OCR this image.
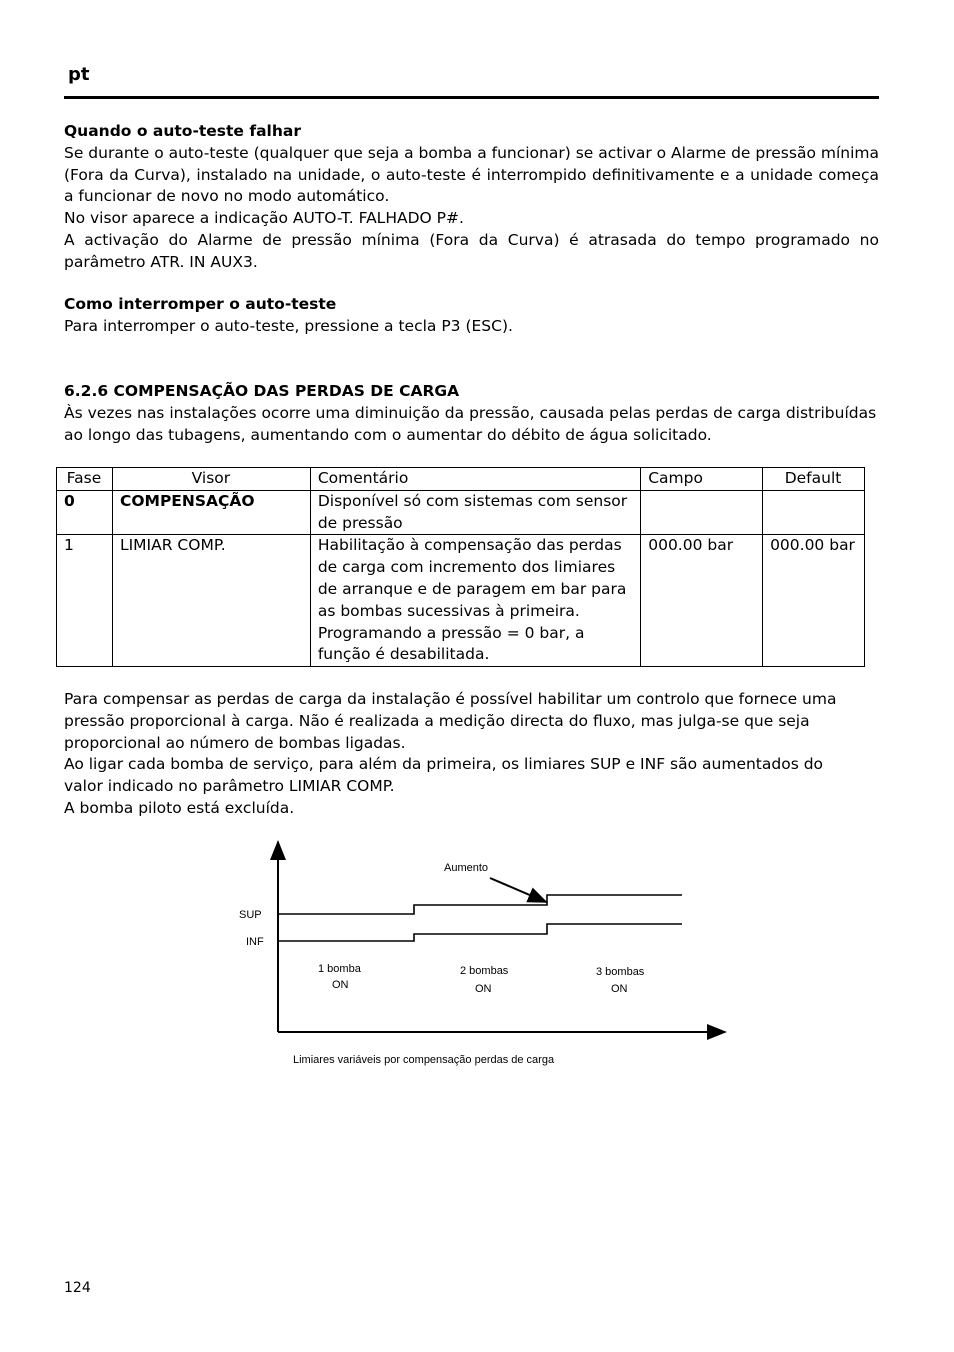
pt

Quando o auto-teste falhar

Se durante o auto-teste (qualquer que seja a bomba a funcionar) se activar o Alarme de pressão mínima (Fora da Curva), instalado na unidade, o auto-teste é interrompido definitivamente e a unidade começa a funcionar de novo no modo automático.

No visor aparece a indicação AUTO-T. FALHADO P#.

A activação do Alarme de pressão mínima (Fora da Curva) é atrasada do tempo programado no parâmetro ATR. IN AUX3.

Como interromper o auto-teste

Para interromper o auto-teste, pressione a tecla P3 (ESC).

6.2.6 COMPENSAÇÃO DAS PERDAS DE CARGA

Às vezes nas instalações ocorre uma diminuição da pressão, causada pelas perdas de carga distribuídas ao longo das tubagens, aumentando com o aumentar do débito de água solicitado.

Fase	Visor	Comentário	Campo	Default
0	COMPENSAÇÃO	Disponível só com sistemas com sensor de pressão		
1	LIMIAR COMP.	Habilitação à compensação das perdas de carga com incremento dos limiares de arranque e de paragem em bar para as bombas sucessivas à primeira. Programando a pressão = 0 bar, a função é desabilitada.	000.00 bar	000.00 bar

Para compensar as perdas de carga da instalação é possível habilitar um controlo que fornece uma pressão proporcional à carga. Não é realizada a medição directa do fluxo, mas julga-se que seja proporcional ao número de bombas ligadas.

Ao ligar cada bomba de serviço, para além da primeira, os limiares SUP e INF são aumentados do valor indicado no parâmetro LIMIAR COMP.

A bomba piloto está excluída.

Aumento
SUP
INF
1 bomba
ON
2 bombas
ON
3 bombas
ON
Limiares variáveis por compensação perdas de carga
124
